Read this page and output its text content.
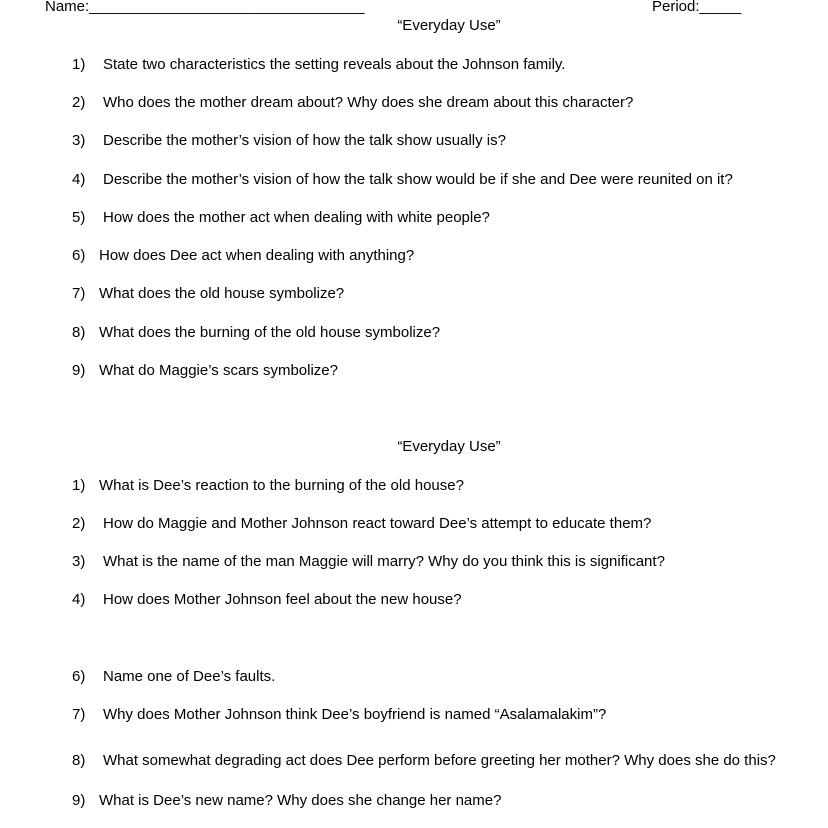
Name:_________________________________	Period:_____
“Everyday Use”
1) State two characteristics the setting reveals about the Johnson family.
2) Who does the mother dream about? Why does she dream about this character?
3) Describe the mother’s vision of how the talk show usually is?
4) Describe the mother’s vision of how the talk show would be if she and Dee were reunited on it?
5) How does the mother act when dealing with white people?
6) How does Dee act when dealing with anything?
7) What does the old house symbolize?
8) What does the burning of the old house symbolize?
9) What do Maggie’s scars symbolize?
“Everyday Use”
1) What is Dee’s reaction to the burning of the old house?
2) How do Maggie and Mother Johnson react toward Dee’s attempt to educate them?
3) What is the name of the man Maggie will marry? Why do you think this is significant?
4) How does Mother Johnson feel about the new house?
6) Name one of Dee’s faults.
7) Why does Mother Johnson think Dee’s boyfriend is named “Asalamalakim”?
8) What somewhat degrading act does Dee perform before greeting her mother? Why does she do this?
9) What is Dee’s new name? Why does she change her name?
